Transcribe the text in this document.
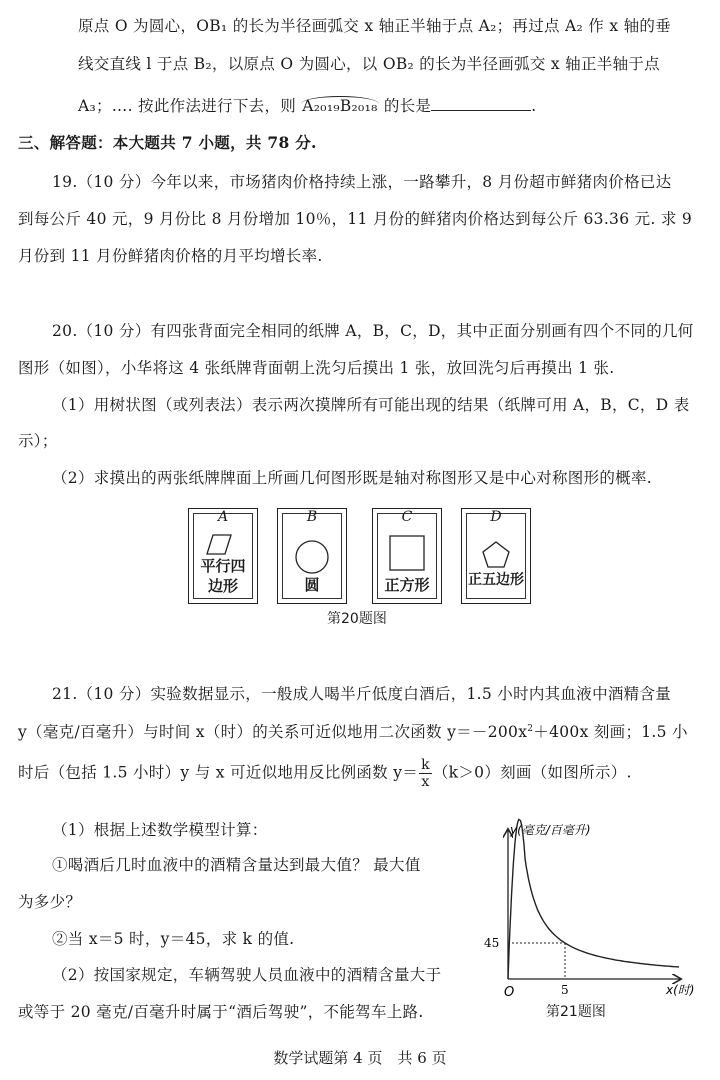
原点 O 为圆心，OB₁ 的长为半径画弧交 x 轴正半轴于点 A₂；再过点 A₂ 作 x 轴的垂
线交直线 l 于点 B₂，以原点 O 为圆心，以 OB₂ 的长为半径画弧交 x 轴正半轴于点
A₃；…. 按此作法进行下去，则 A₂₀₁₉B₂₀₁₈ 的长是	.
三、解答题：本大题共 7 小题，共 78 分.
19.（10 分）今年以来，市场猪肉价格持续上涨，一路攀升，8 月份超市鲜猪肉价格已达
到每公斤 40 元，9 月份比 8 月份增加 10％，11 月份的鲜猪肉价格达到每公斤 63.36 元. 求 9
月份到 11 月份鲜猪肉价格的月平均增长率.
20.（10 分）有四张背面完全相同的纸牌 A，B，C，D，其中正面分别画有四个不同的几何
图形（如图），小华将这 4 张纸牌背面朝上洗匀后摸出 1 张，放回洗匀后再摸出 1 张.
（1）用树状图（或列表法）表示两次摸牌所有可能出现的结果（纸牌可用 A，B，C，D 表
示）；
（2）求摸出的两张纸牌牌面上所画几何图形既是轴对称图形又是中心对称图形的概率.
A
平行四
边形
B
圆
C
正方形
D
正五边形
第20题图
21.（10 分）实验数据显示，一般成人喝半斤低度白酒后，1.5 小时内其血液中酒精含量
y（毫克/百毫升）与时间 x（时）的关系可近似地用二次函数 $y=-200x^2+400x$ 刻画；1.5 小
时后（包括 1.5 小时）y 与 x 可近似地用反比例函数 $y= \frac{k}{x} (k>0)$刻画（如图所示）.
（1）根据上述数学模型计算：
①喝酒后几时血液中的酒精含量达到最大值？ 最大值
为多少？
②当 x＝5 时，y＝45，求 k 的值.
（2）按国家规定，车辆驾驶人员血液中的酒精含量大于
或等于 20 毫克/百毫升时属于“酒后驾驶”，不能驾车上路.
y(毫克/百毫升)
x(时)
O
45
5
第21题图
数学试题第 4 页　共 6 页
